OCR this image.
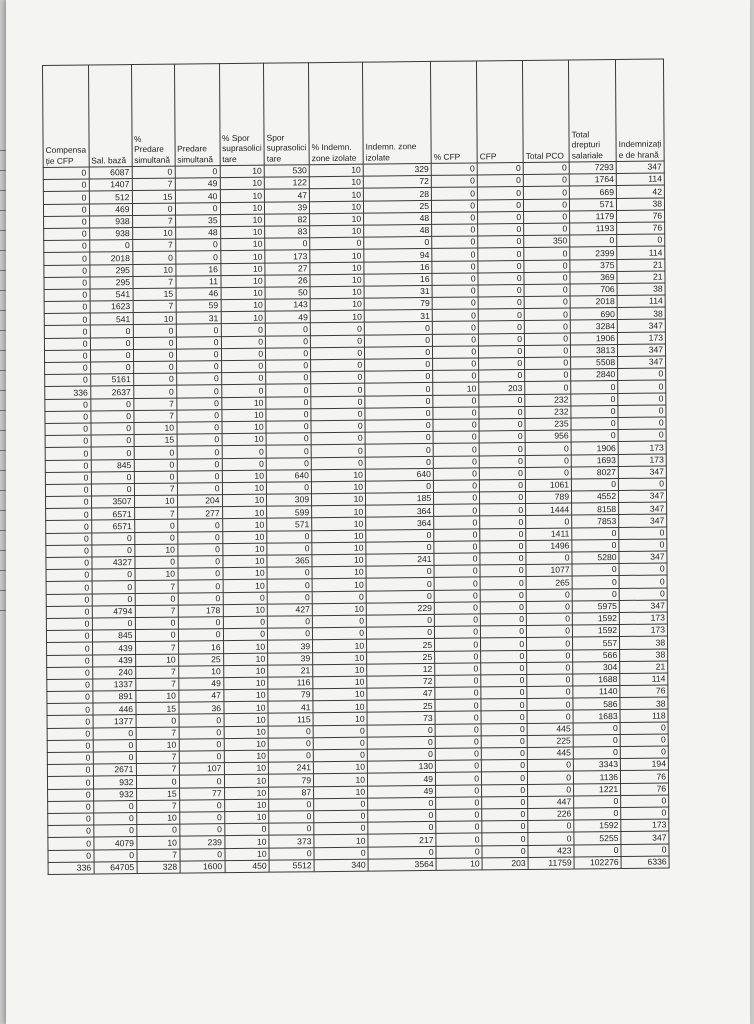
Compensa ție CFP	Sal. bază	% Predare simultană	Predare simultană	% Spor suprasolici tare	Spor suprasolici tare	% Indemn. zone izolate	Indemn. zone izolate	% CFP	CFP	Total PCO	Total drepturi salariale	Indemnizați e de hrană
0	6087	0	0	10	530	10	329	0	0	0	7293	347
0	1407	7	49	10	122	10	72	0	0	0	1764	114
0	512	15	40	10	47	10	28	0	0	0	669	42
0	469	0	0	10	39	10	25	0	0	0	571	38
0	938	7	35	10	82	10	48	0	0	0	1179	76
0	938	10	48	10	83	10	48	0	0	0	1193	76
0	0	7	0	10	0	0	0	0	0	350	0	0
0	2018	0	0	10	173	10	94	0	0	0	2399	114
0	295	10	16	10	27	10	16	0	0	0	375	21
0	295	7	11	10	26	10	16	0	0	0	369	21
0	541	15	46	10	50	10	31	0	0	0	706	38
0	1623	7	59	10	143	10	79	0	0	0	2018	114
0	541	10	31	10	49	10	31	0	0	0	690	38
0	0	0	0	0	0	0	0	0	0	0	3284	347
0	0	0	0	0	0	0	0	0	0	0	1906	173
0	0	0	0	0	0	0	0	0	0	0	3813	347
0	0	0	0	0	0	0	0	0	0	0	5508	347
0	5161	0	0	0	0	0	0	0	0	0	2840	0
336	2637	0	0	0	0	0	0	10	203	0	0	0
0	0	7	0	10	0	0	0	0	0	232	0	0
0	0	7	0	10	0	0	0	0	0	232	0	0
0	0	10	0	10	0	0	0	0	0	235	0	0
0	0	15	0	10	0	0	0	0	0	956	0	0
0	0	0	0	0	0	0	0	0	0	0	1906	173
0	845	0	0	0	0	0	0	0	0	0	1693	173
0	0	0	0	10	640	10	640	0	0	0	8027	347
0	0	7	0	10	0	10	0	0	0	1061	0	0
0	3507	10	204	10	309	10	185	0	0	789	4552	347
0	6571	7	277	10	599	10	364	0	0	1444	8158	347
0	6571	0	0	10	571	10	364	0	0	0	7853	347
0	0	0	0	10	0	10	0	0	0	1411	0	0
0	0	10	0	10	0	10	0	0	0	1496	0	0
0	4327	0	0	10	365	10	241	0	0	0	5280	347
0	0	10	0	10	0	10	0	0	0	1077	0	0
0	0	7	0	10	0	10	0	0	0	265	0	0
0	0	0	0	0	0	0	0	0	0	0	0	0
0	4794	7	178	10	427	10	229	0	0	0	5975	347
0	0	0	0	0	0	0	0	0	0	0	1592	173
0	845	0	0	0	0	0	0	0	0	0	1592	173
0	439	7	16	10	39	10	25	0	0	0	557	38
0	439	10	25	10	39	10	25	0	0	0	566	38
0	240	7	10	10	21	10	12	0	0	0	304	21
0	1337	7	49	10	116	10	72	0	0	0	1688	114
0	891	10	47	10	79	10	47	0	0	0	1140	76
0	446	15	36	10	41	10	25	0	0	0	586	38
0	1377	0	0	10	115	10	73	0	0	0	1683	118
0	0	7	0	10	0	0	0	0	0	445	0	0
0	0	10	0	10	0	0	0	0	0	225	0	0
0	0	7	0	10	0	0	0	0	0	445	0	0
0	2671	7	107	10	241	10	130	0	0	0	3343	194
0	932	0	0	10	79	10	49	0	0	0	1136	76
0	932	15	77	10	87	10	49	0	0	0	1221	76
0	0	7	0	10	0	0	0	0	0	447	0	0
0	0	10	0	10	0	0	0	0	0	226	0	0
0	0	0	0	0	0	0	0	0	0	0	1592	173
0	4079	10	239	10	373	10	217	0	0	0	5255	347
0	0	7	0	10	0	0	0	0	0	423	0	0
336	64705	328	1600	450	5512	340	3564	10	203	11759	102276	6336
